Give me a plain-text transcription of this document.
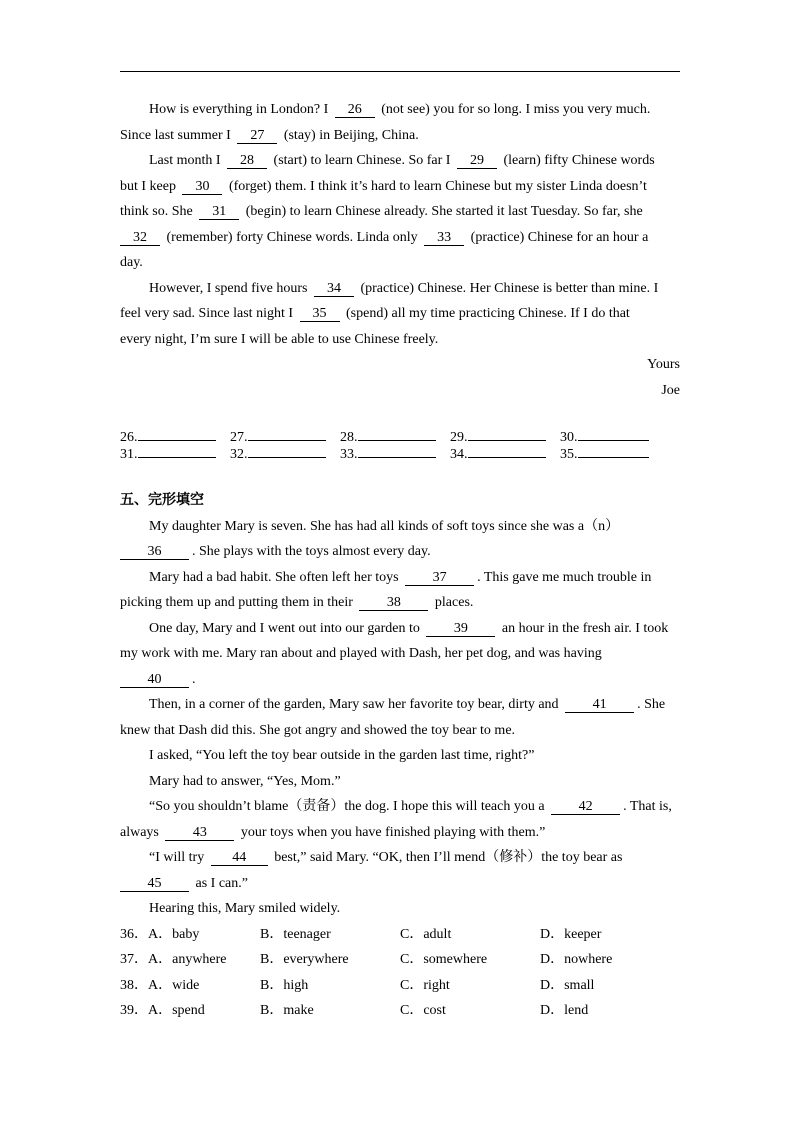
How is everything in London? I 26 (not see) you for so long. I miss you very much.
Since last summer I 27 (stay) in Beijing, China.
Last month I 28 (start) to learn Chinese. So far I 29 (learn) fifty Chinese words
but I keep 30 (forget) them. I think it’s hard to learn Chinese but my sister Linda doesn’t
think so. She 31 (begin) to learn Chinese already. She started it last Tuesday. So far, she
32 (remember) forty Chinese words. Linda only 33 (practice) Chinese for an hour a
day.
However, I spend five hours 34 (practice) Chinese. Her Chinese is better than mine. I
feel very sad. Since last night I 35 (spend) all my time practicing Chinese. If I do that
every night, I’m sure I will be able to use Chinese freely.
Yours
Joe
26.	27.	28.	29.	30.
31.	32.	33.	34.	35.
五、完形填空
My daughter Mary is seven. She has had all kinds of soft toys since she was a（n）
36 . She plays with the toys almost every day.
Mary had a bad habit. She often left her toys 37 . This gave me much trouble in
picking them up and putting them in their 38 places.
One day, Mary and I went out into our garden to 39 an hour in the fresh air. I took
my work with me. Mary ran about and played with Dash, her pet dog, and was having
40 .
Then, in a corner of the garden, Mary saw her favorite toy bear, dirty and 41 . She
knew that Dash did this. She got angry and showed the toy bear to me.
I asked, “You left the toy bear outside in the garden last time, right?”
Mary had to answer, “Yes, Mom.”
“So you shouldn’t blame（责备）the dog. I hope this will teach you a 42 . That is,
always 43 your toys when you have finished playing with them.”
“I will try 44 best,” said Mary. “OK, then I’ll mend（修补）the toy bear as
45 as I can.”
Hearing this, Mary smiled widely.
36．A．baby	B．teenager	C．adult	D．keeper
37．A．anywhere B．everywhere	C．somewhere	D．nowhere
38．A．wide	B．high	C．right	D．small
39．A．spend	B．make	C．cost	D．lend
